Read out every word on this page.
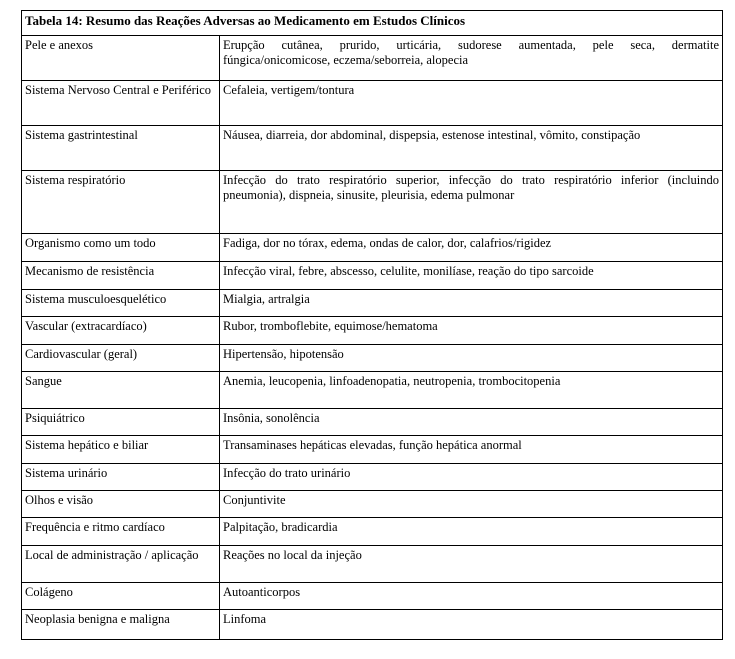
Tabela 14: Resumo das Reações Adversas ao Medicamento em Estudos Clínicos	
Pele e anexos	Erupção cutânea, prurido, urticária, sudorese aumentada, pele seca, dermatite fúngica/onicomicose, eczema/seborreia, alopecia
Sistema Nervoso Central e Periférico	Cefaleia, vertigem/tontura
Sistema gastrintestinal	Náusea, diarreia, dor abdominal, dispepsia, estenose intestinal, vômito, constipação
Sistema respiratório	Infecção do trato respiratório superior, infecção do trato respiratório inferior (incluindo pneumonia), dispneia, sinusite, pleurisia, edema pulmonar
Organismo como um todo	Fadiga, dor no tórax, edema, ondas de calor, dor, calafrios/rigidez
Mecanismo de resistência	Infecção viral, febre, abscesso, celulite, monilíase, reação do tipo sarcoide
Sistema musculoesquelético	Mialgia, artralgia
Vascular (extracardíaco)	Rubor, tromboflebite, equimose/hematoma
Cardiovascular (geral)	Hipertensão, hipotensão
Sangue	Anemia, leucopenia, linfoadenopatia, neutropenia, trombocitopenia
Psiquiátrico	Insônia, sonolência
Sistema hepático e biliar	Transaminases hepáticas elevadas, função hepática anormal
Sistema urinário	Infecção do trato urinário
Olhos e visão	Conjuntivite
Frequência e ritmo cardíaco	Palpitação, bradicardia
Local de administração / aplicação	Reações no local da injeção
Colágeno	Autoanticorpos
Neoplasia benigna e maligna	Linfoma
